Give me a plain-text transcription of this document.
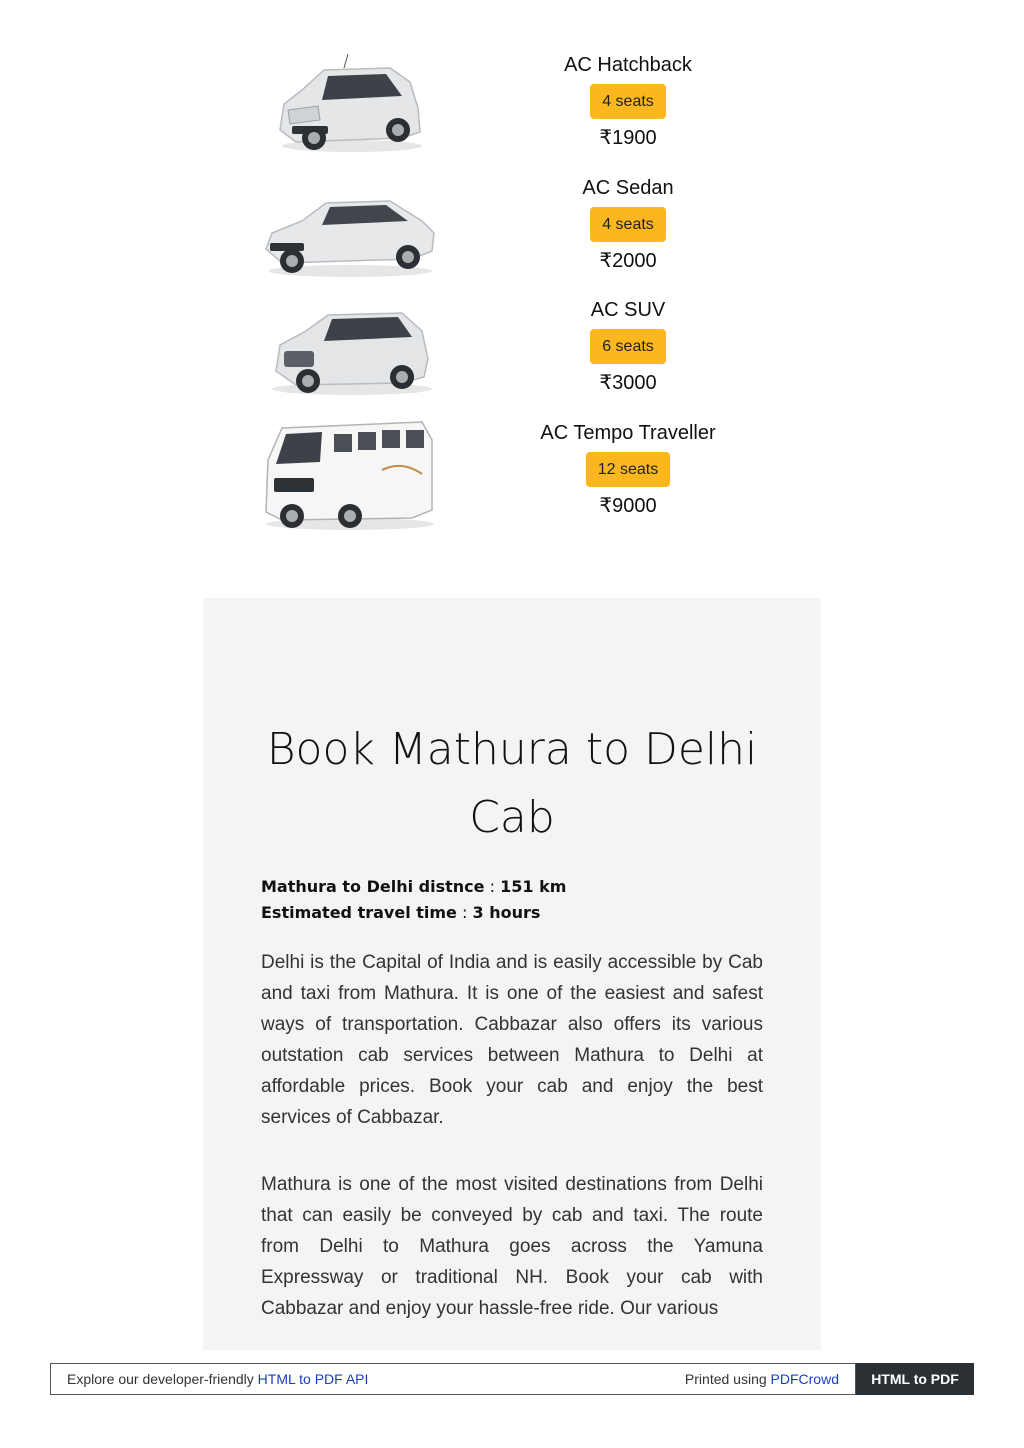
AC Hatchback
4 seats
₹1900
AC Sedan
4 seats
₹2000
AC SUV
6 seats
₹3000
AC Tempo Traveller
12 seats
₹9000
Book Mathura to Delhi
Cab
Mathura to Delhi distnce : 151 km
Estimated travel time : 3 hours

Delhi is the Capital of India and is easily accessible by Cab and taxi from Mathura. It is one of the easiest and safest ways of transportation. Cabbazar also offers its various outstation cab services between Mathura to Delhi at affordable prices. Book your cab and enjoy the best services of Cabbazar.

Mathura is one of the most visited destinations from Delhi that can easily be conveyed by cab and taxi. The route from Delhi to Mathura goes across the Yamuna Expressway or traditional NH. Book your cab with Cabbazar and enjoy your hassle-free ride. Our various

Explore our developer-friendly HTML to PDF API	Printed using PDFCrowd	HTML to PDF
